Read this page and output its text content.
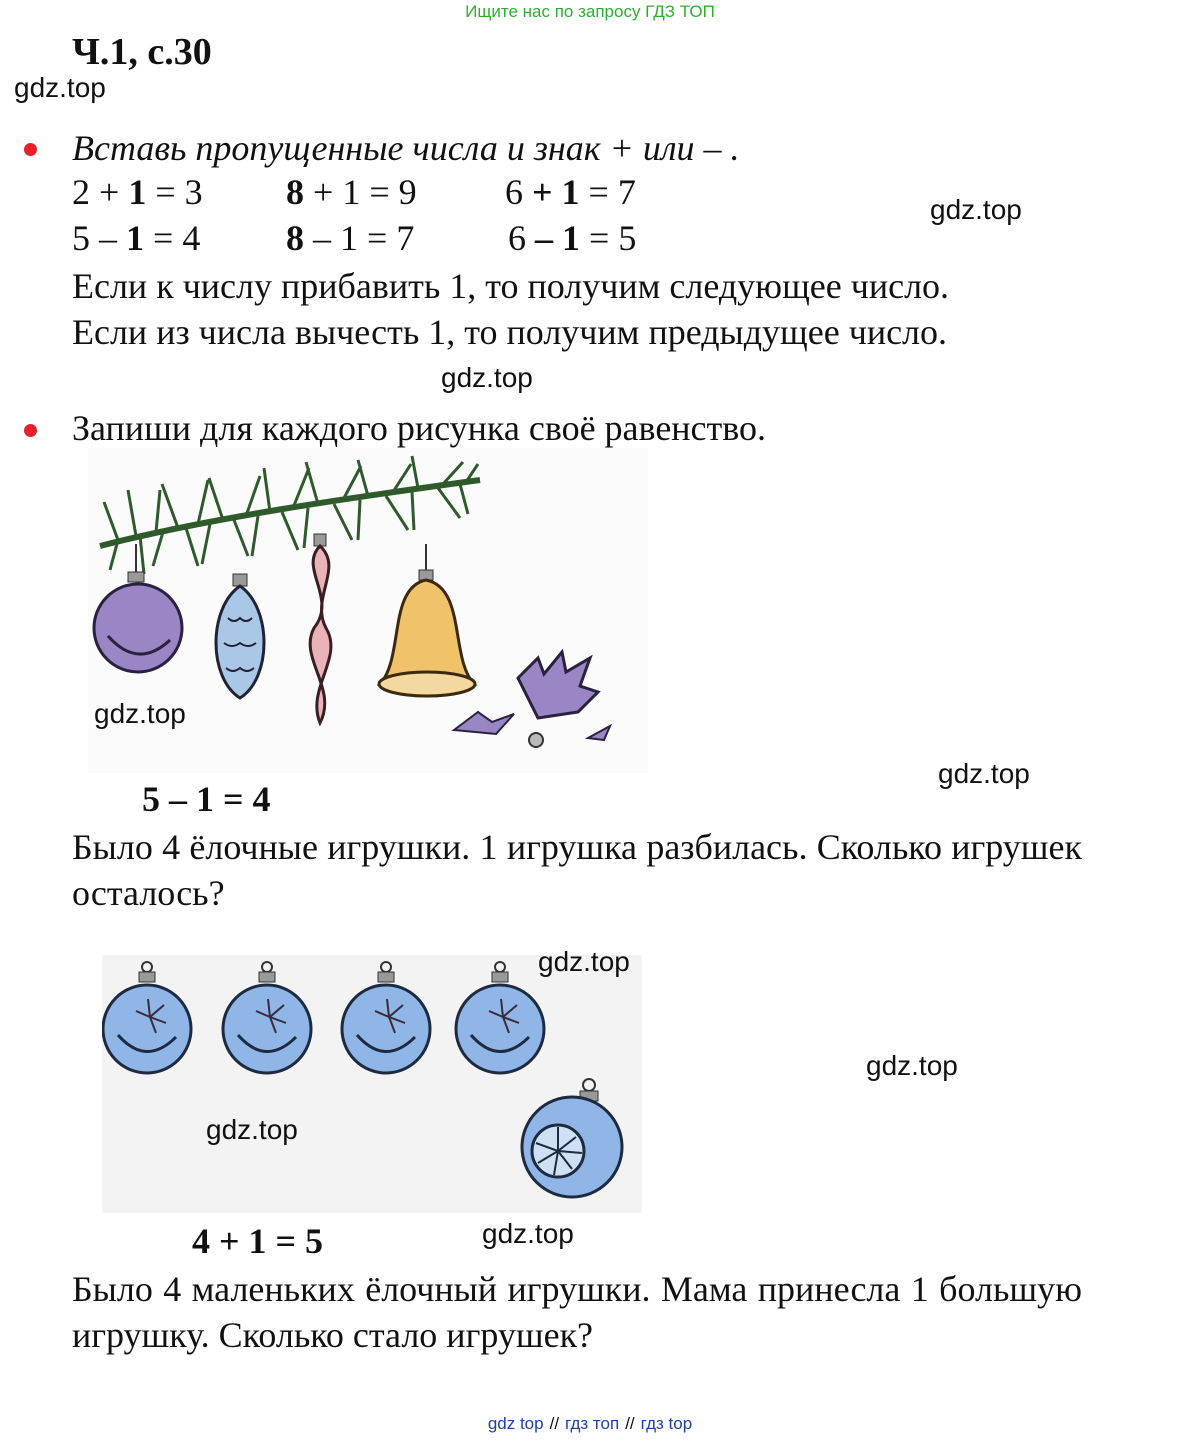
Ищите нас по запросу ГДЗ ТОП
Ч.1, с.30
gdz.top
Вставь пропущенные числа и знак + или – .
2 + 1 = 3 8 + 1 = 9 6 + 1 = 7	gdz.top
5 – 1 = 4 8 – 1 = 7	6 – 1 = 5
Если к числу прибавить 1, то получим следующее число.
Если из числа вычесть 1, то получим предыдущее число.
gdz.top
Запиши для каждого рисунка своё равенство.
gdz.top
gdz.top
5 – 1 = 4
Было 4 ёлочные игрушки. 1 игрушка разбилась. Сколько игрушек осталось?
gdz.top
gdz.top
gdz.top
4 + 1 = 5	gdz.top
Было 4 маленьких ёлочный игрушки. Мама принесла 1 большую игрушку. Сколько стало игрушек?
gdz top // гдз топ // гдз top
